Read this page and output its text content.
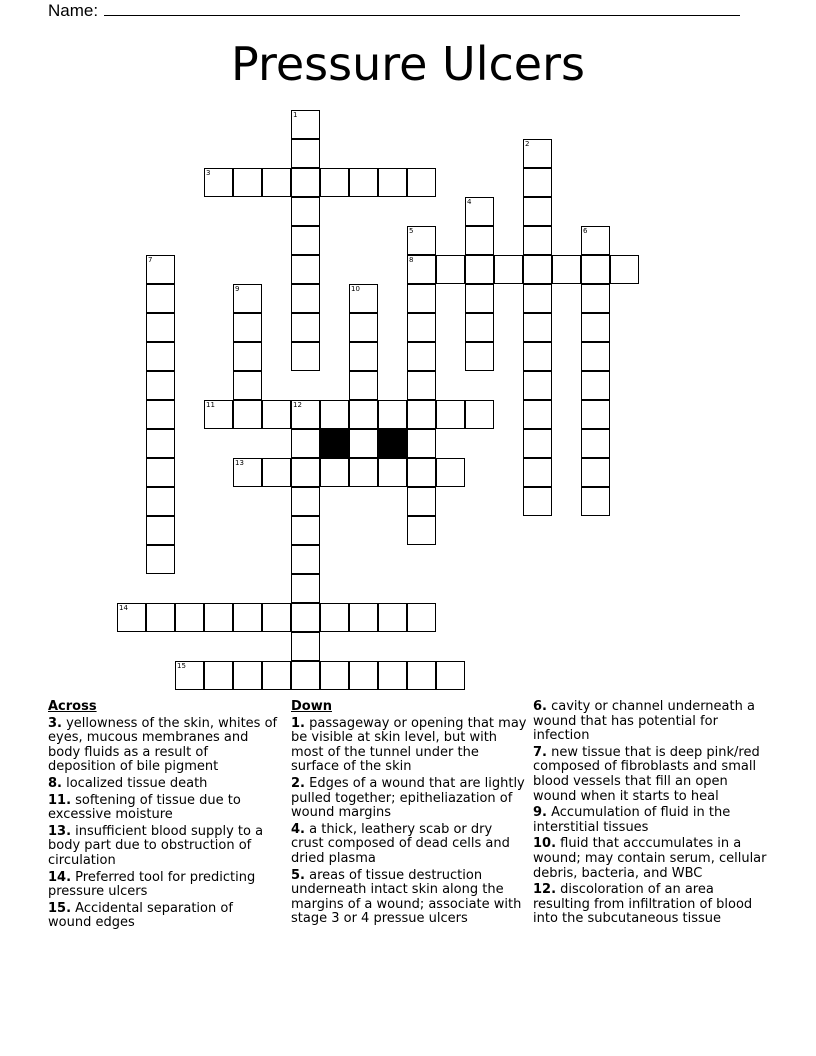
Name:
Pressure Ulcers
1
2
3
4
5	6
7	8
9	10
11	12
13
14
15
Across
3. yellowness of the skin, whites of eyes, mucous membranes and body fluids as a result of deposition of bile pigment
8. localized tissue death
11. softening of tissue due to excessive moisture
13. insufficient blood supply to a body part due to obstruction of circulation
14. Preferred tool for predicting pressure ulcers
15. Accidental separation of wound edges
Down
1. passageway or opening that may be visible at skin level, but with most of the tunnel under the surface of the skin
2. Edges of a wound that are lightly pulled together; epitheliazation of wound margins
4. a thick, leathery scab or dry crust composed of dead cells and dried plasma
5. areas of tissue destruction underneath intact skin along the margins of a wound; associate with stage 3 or 4 pressue ulcers
6. cavity or channel underneath a wound that has potential for infection
7. new tissue that is deep pink/red composed of fibroblasts and small blood vessels that fill an open wound when it starts to heal
9. Accumulation of fluid in the interstitial tissues
10. fluid that acccumulates in a wound; may contain serum, cellular debris, bacteria, and WBC
12. discoloration of an area resulting from infiltration of blood into the subcutaneous tissue
